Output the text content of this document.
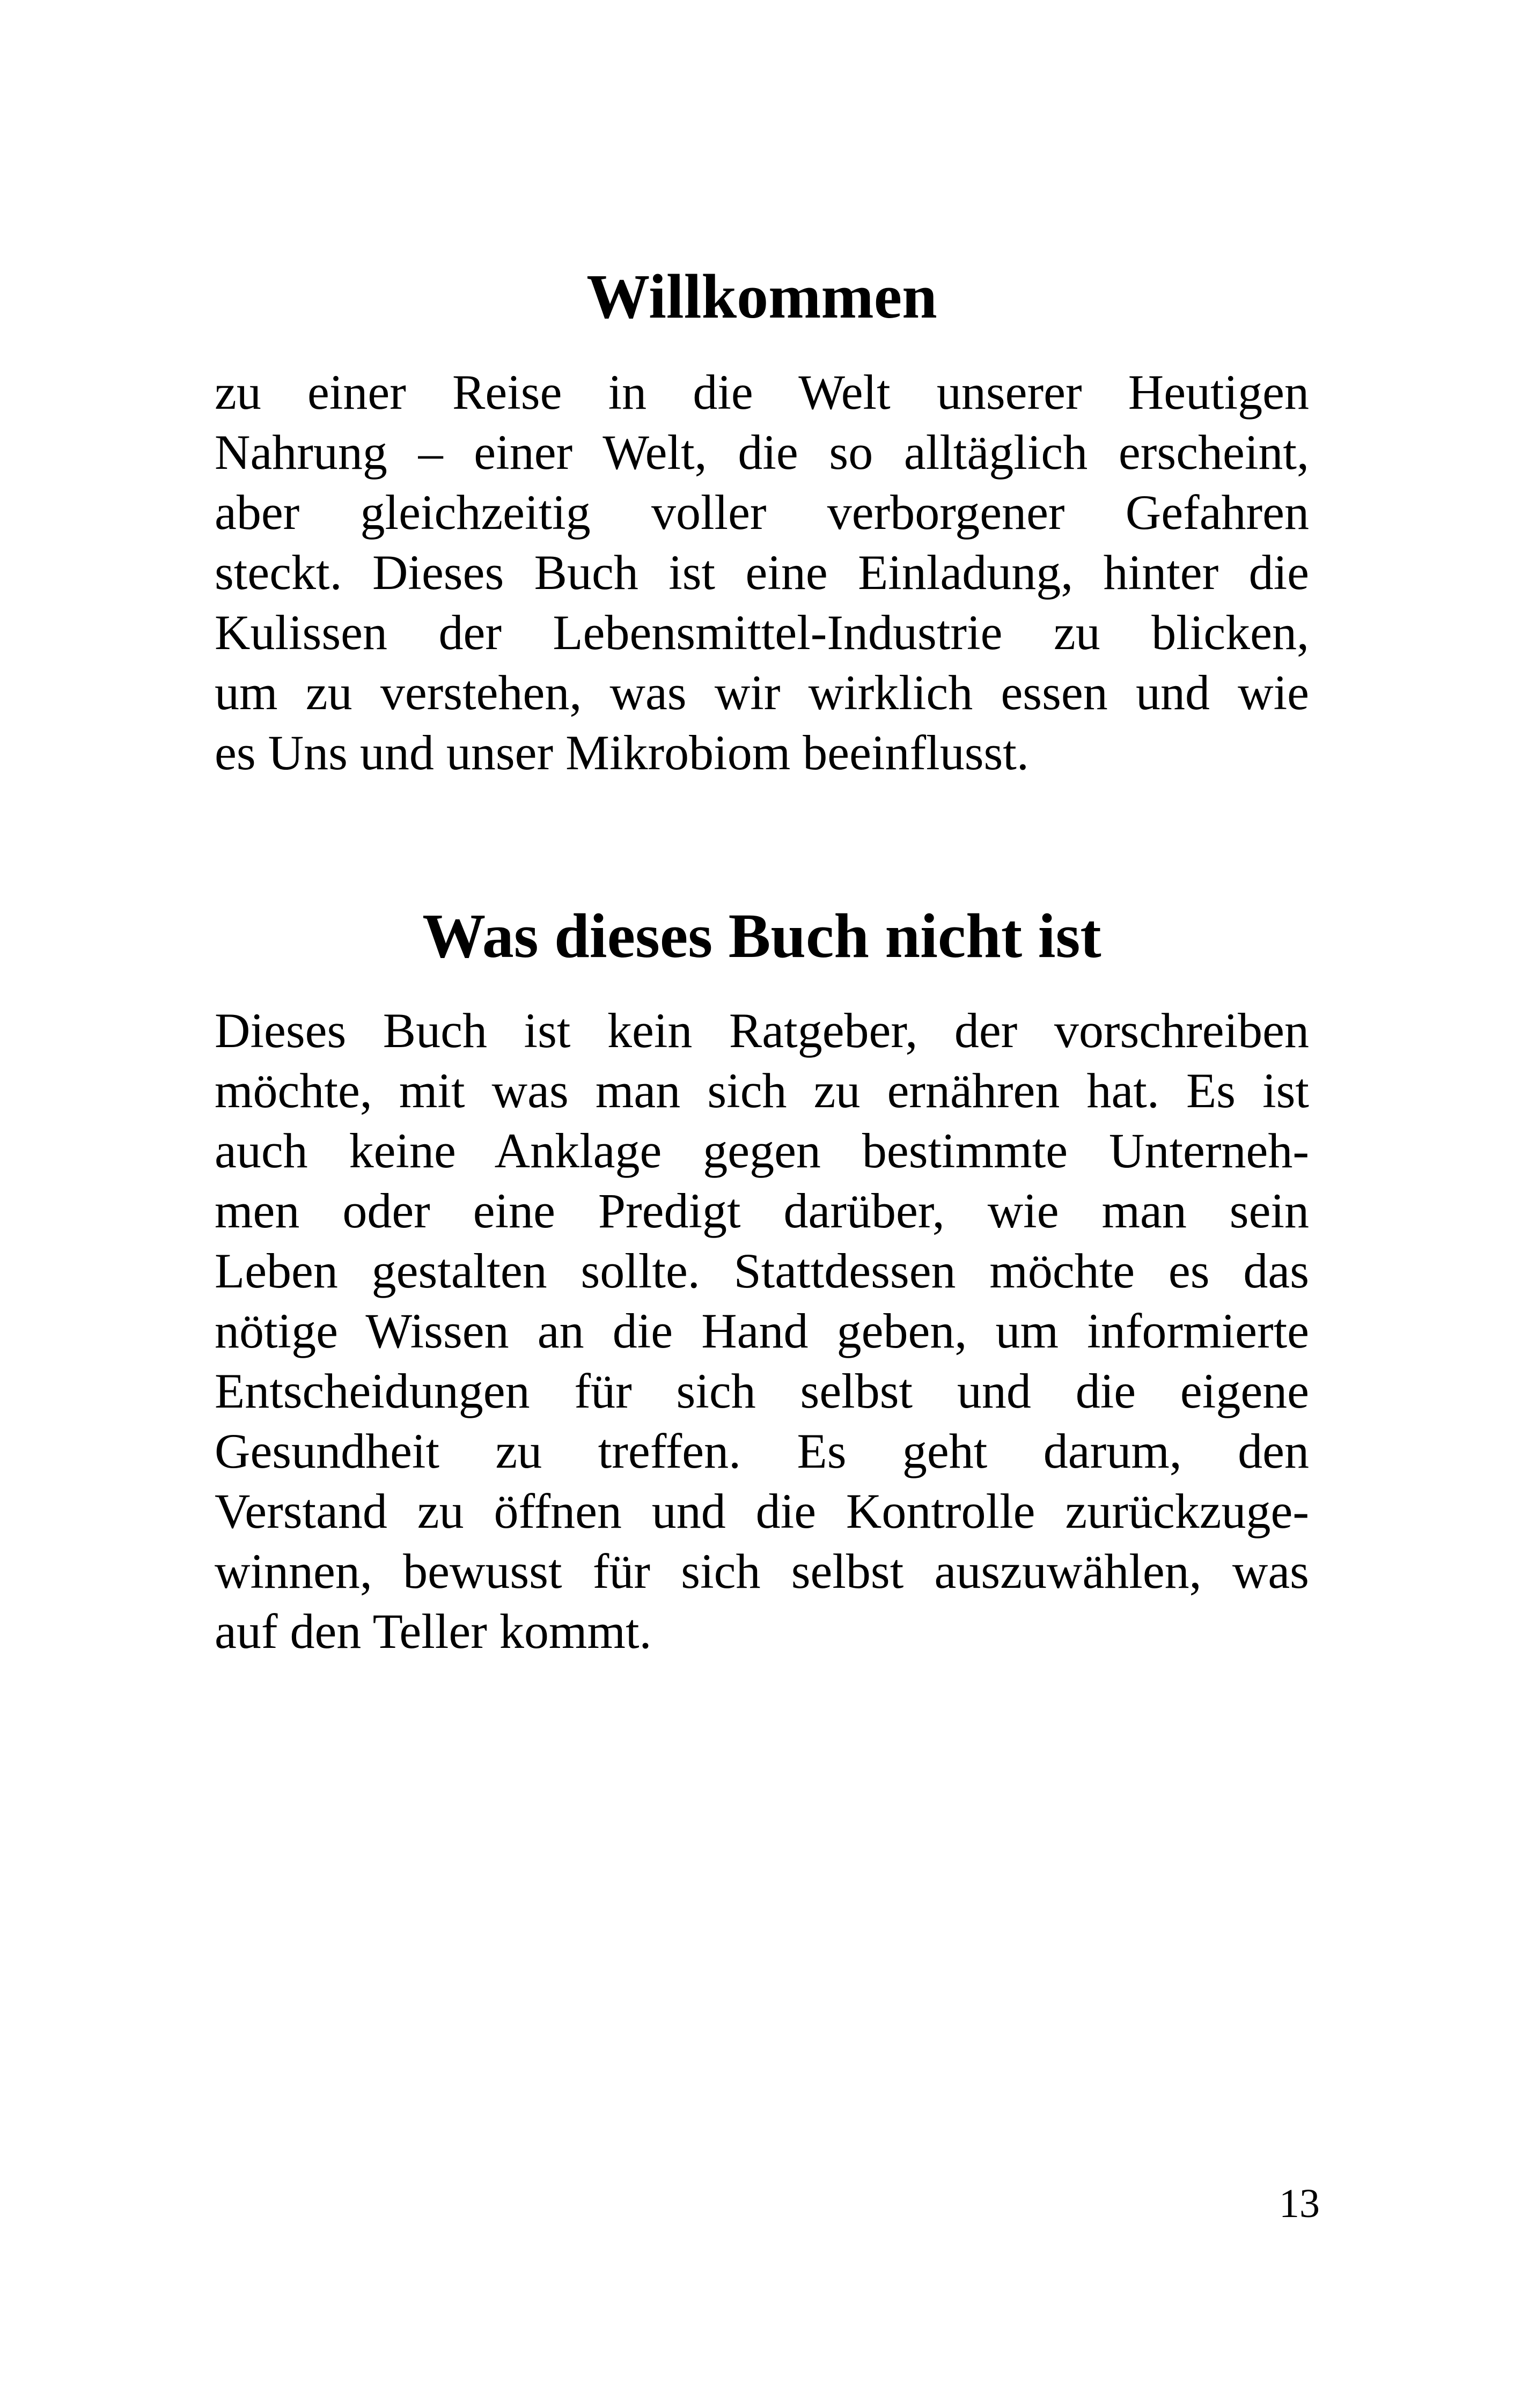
Willkommen
zu einer Reise in die Welt unserer Heutigen
Nahrung – einer Welt, die so alltäglich erscheint,
aber gleichzeitig voller verborgener Gefahren
steckt. Dieses Buch ist eine Einladung, hinter die
Kulissen der Lebensmittel-Industrie zu blicken,
um zu verstehen, was wir wirklich essen und wie
es Uns und unser Mikrobiom beeinflusst.
Was dieses Buch nicht ist
Dieses Buch ist kein Ratgeber, der vorschreiben
möchte, mit was man sich zu ernähren hat. Es ist
auch keine Anklage gegen bestimmte Unterneh-
men oder eine Predigt darüber, wie man sein
Leben gestalten sollte. Stattdessen möchte es das
nötige Wissen an die Hand geben, um informierte
Entscheidungen für sich selbst und die eigene
Gesundheit zu treffen. Es geht darum, den
Verstand zu öffnen und die Kontrolle zurückzuge-
winnen, bewusst für sich selbst auszuwählen, was
auf den Teller kommt.
13
